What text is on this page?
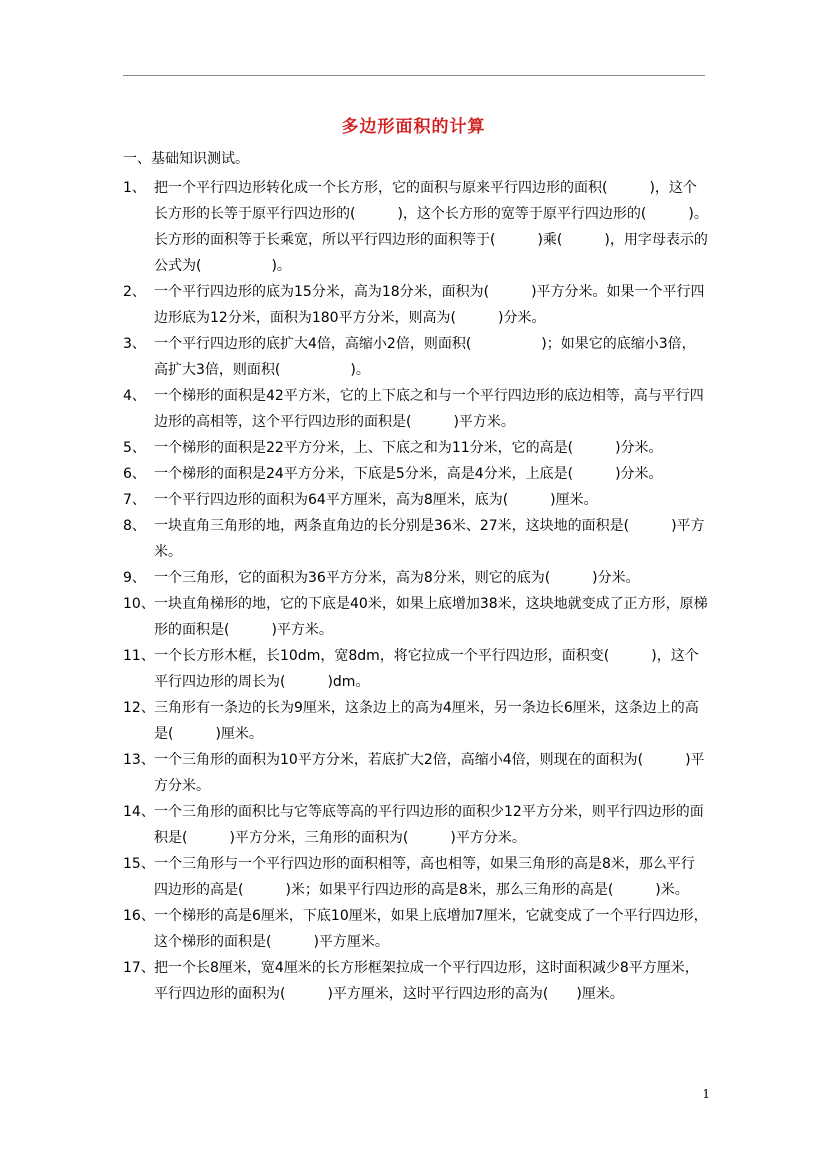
多边形面积的计算
一、基础知识测试。
1、 把一个平行四边形转化成一个长方形，它的面积与原来平行四边形的面积(　　　)，这个长方形的长等于原平行四边形的(　　　)，这个长方形的宽等于原平行四边形的(　　　)。长方形的面积等于长乘宽，所以平行四边形的面积等于(　　　)乘(　　　)，用字母表示的公式为(　　　　　)。
2、 一个平行四边形的底为15分米，高为18分米，面积为(　　　)平方分米。如果一个平行四边形底为12分米，面积为180平方分米，则高为(　　　)分米。
3、 一个平行四边形的底扩大4倍，高缩小2倍，则面积(　　　　　)；如果它的底缩小3倍，高扩大3倍，则面积(　　　　　)。
4、 一个梯形的面积是42平方米，它的上下底之和与一个平行四边形的底边相等，高与平行四边形的高相等，这个平行四边形的面积是(　　　)平方米。
5、 一个梯形的面积是22平方分米，上、下底之和为11分米，它的高是(　　　)分米。
6、 一个梯形的面积是24平方分米，下底是5分米，高是4分米，上底是(　　　)分米。
7、 一个平行四边形的面积为64平方厘米，高为8厘米，底为(　　　)厘米。
8、 一块直角三角形的地，两条直角边的长分别是36米、27米，这块地的面积是(　　　)平方米。
9、 一个三角形，它的面积为36平方分米，高为8分米，则它的底为(　　　)分米。
10、 一块直角梯形的地，它的下底是40米，如果上底增加38米，这块地就变成了正方形，原梯形的面积是(　　　)平方米。
11、 一个长方形木框，长10dm，宽8dm，将它拉成一个平行四边形，面积变(　　　)，这个平行四边形的周长为(　　　)dm。
12、 三角形有一条边的长为9厘米，这条边上的高为4厘米，另一条边长6厘米，这条边上的高是(　　　)厘米。
13、 一个三角形的面积为10平方分米，若底扩大2倍，高缩小4倍，则现在的面积为(　　　)平方分米。
14、 一个三角形的面积比与它等底等高的平行四边形的面积少12平方分米，则平行四边形的面积是(　　　)平方分米，三角形的面积为(　　　)平方分米。
15、 一个三角形与一个平行四边形的面积相等，高也相等，如果三角形的高是8米，那么平行四边形的高是(　　　)米；如果平行四边形的高是8米，那么三角形的高是(　　　)米。
16、 一个梯形的高是6厘米，下底10厘米，如果上底增加7厘米，它就变成了一个平行四边形，这个梯形的面积是(　　　)平方厘米。
17、 把一个长8厘米，宽4厘米的长方形框架拉成一个平行四边形，这时面积减少8平方厘米，平行四边形的面积为(　　　)平方厘米，这时平行四边形的高为(　　)厘米。
1
